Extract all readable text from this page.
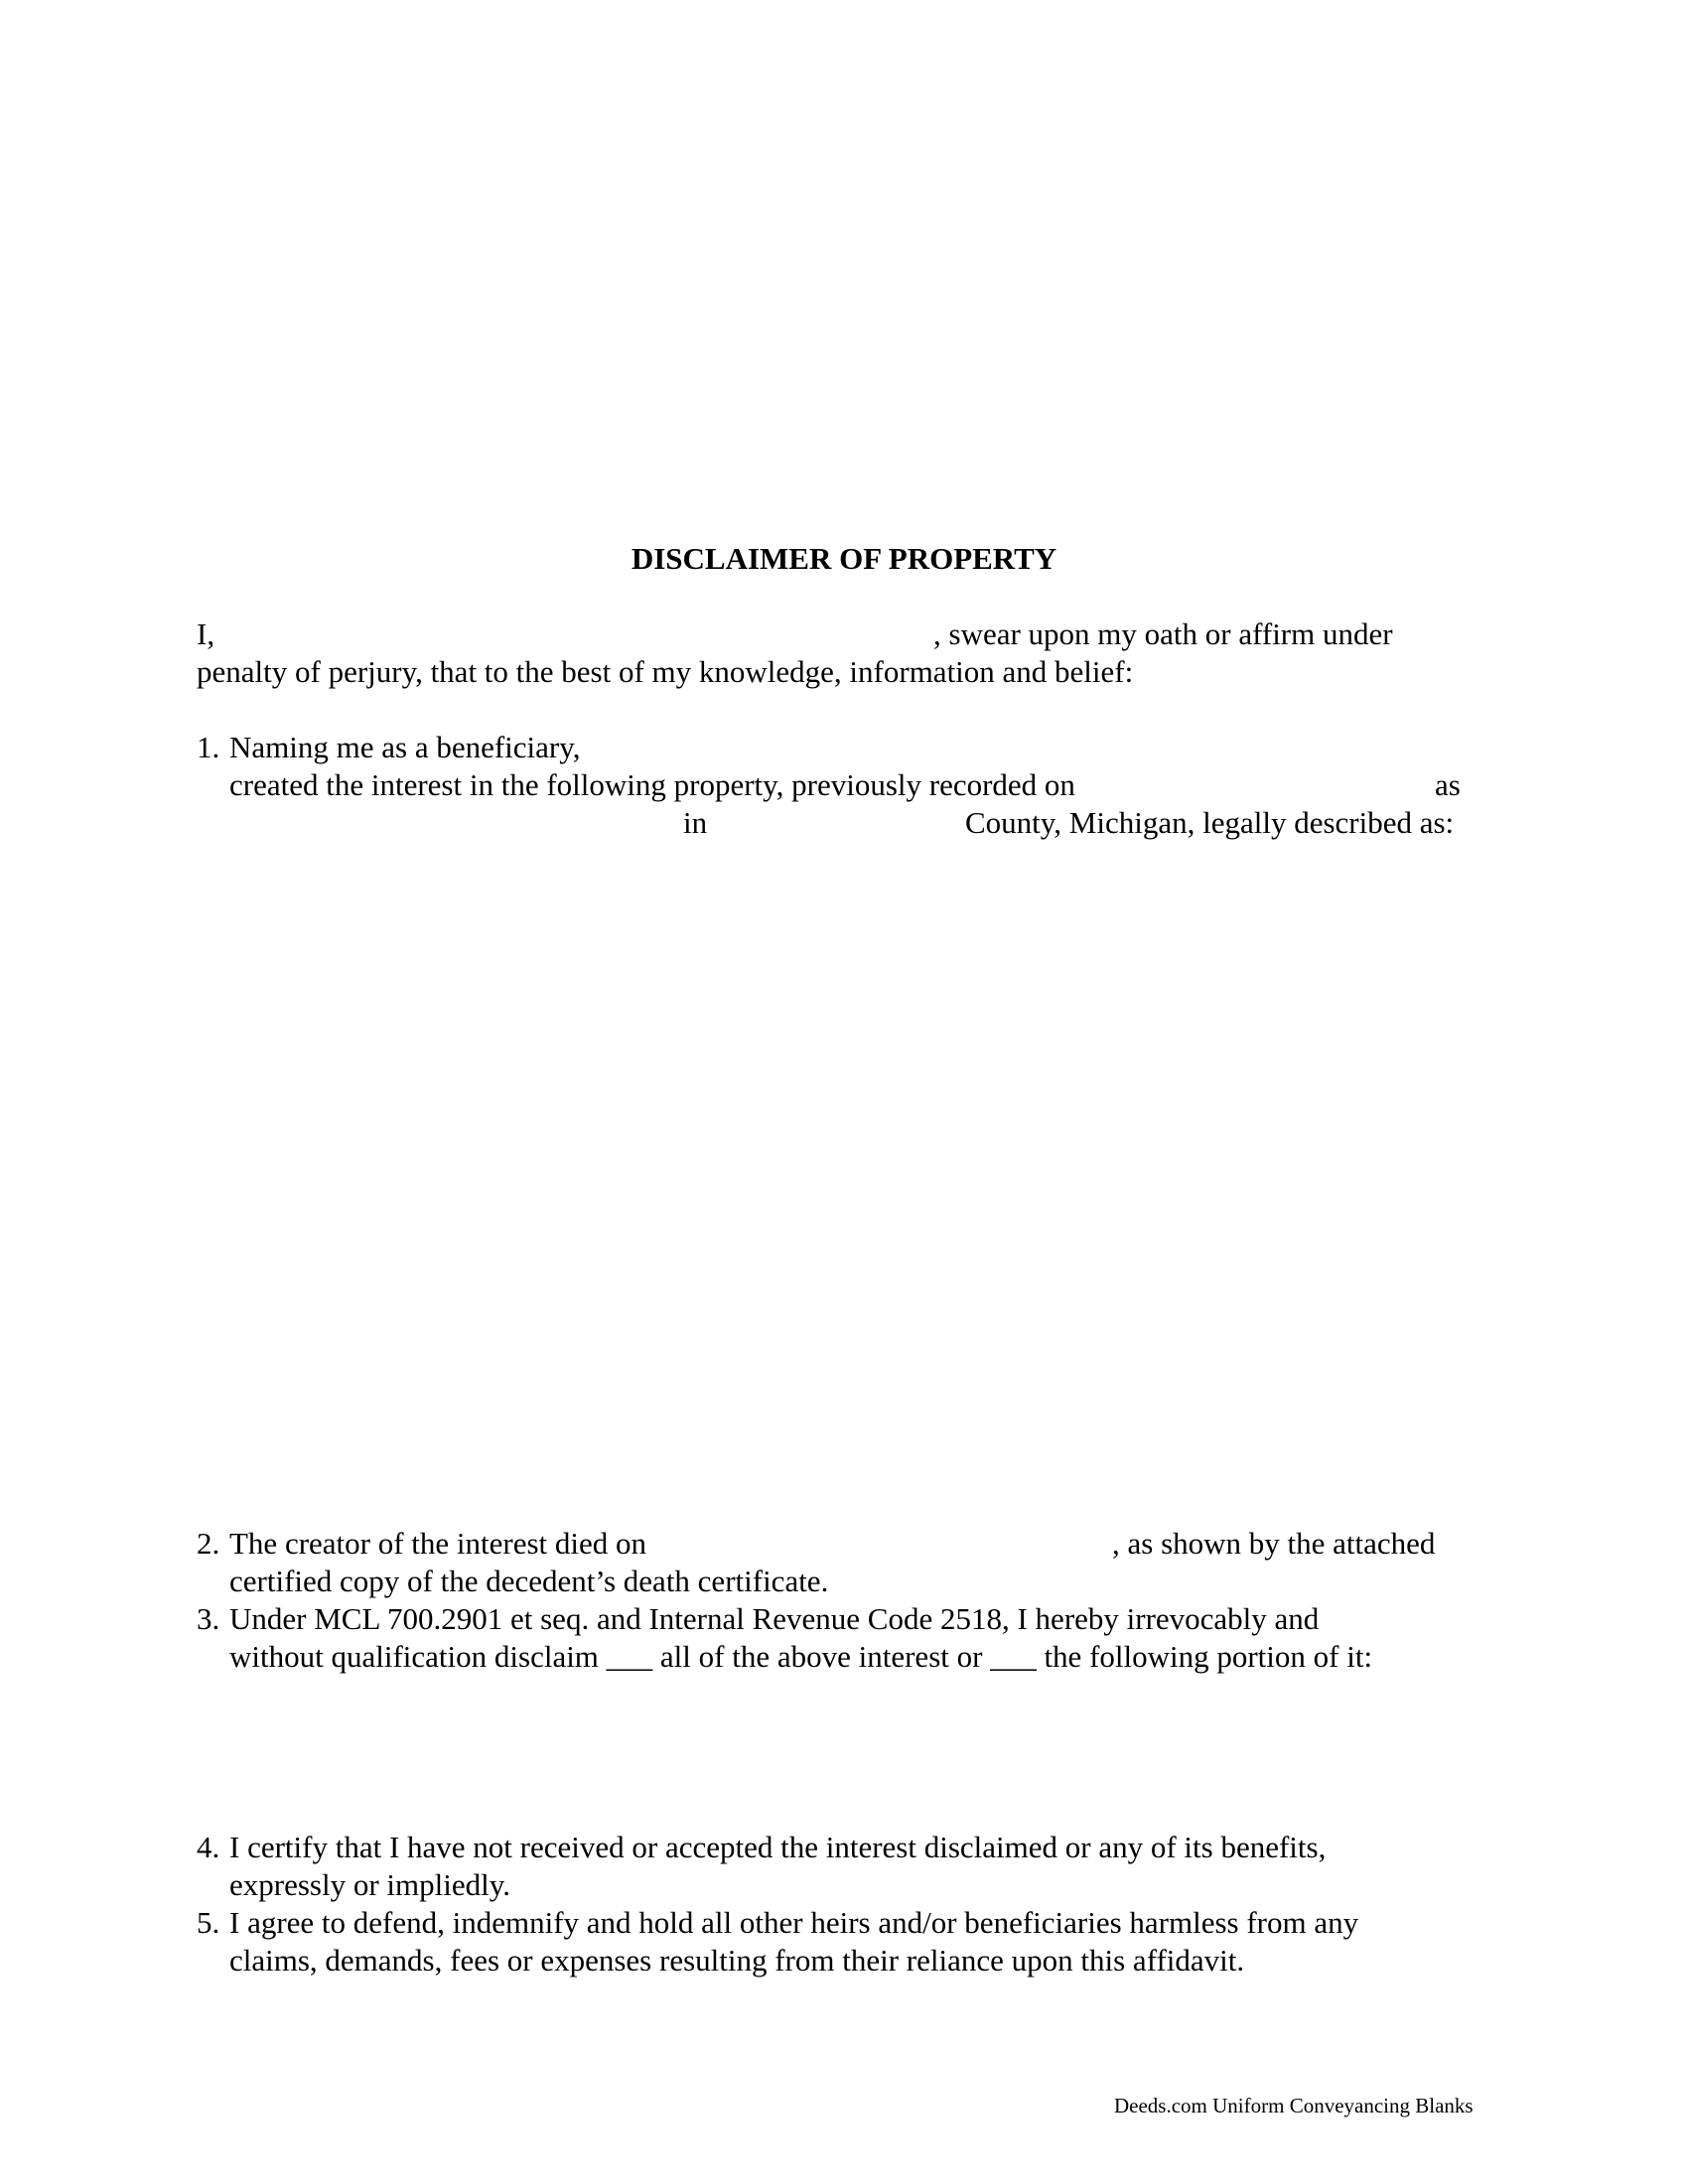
DISCLAIMER OF PROPERTY
I,	, swear upon my oath or affirm under
penalty of perjury, that to the best of my knowledge, information and belief:
1. Naming me as a beneficiary,
created the interest in the following property, previously recorded on	as
in	County, Michigan, legally described as:
2. The creator of the interest died on	, as shown by the attached
certified copy of the decedent’s death certificate.
3. Under MCL 700.2901 et seq. and Internal Revenue Code 2518, I hereby irrevocably and
without qualification disclaim ___ all of the above interest or ___ the following portion of it:
4. I certify that I have not received or accepted the interest disclaimed or any of its benefits,
expressly or impliedly.
5. I agree to defend, indemnify and hold all other heirs and/or beneficiaries harmless from any
claims, demands, fees or expenses resulting from their reliance upon this affidavit.
Deeds.com Uniform Conveyancing Blanks
